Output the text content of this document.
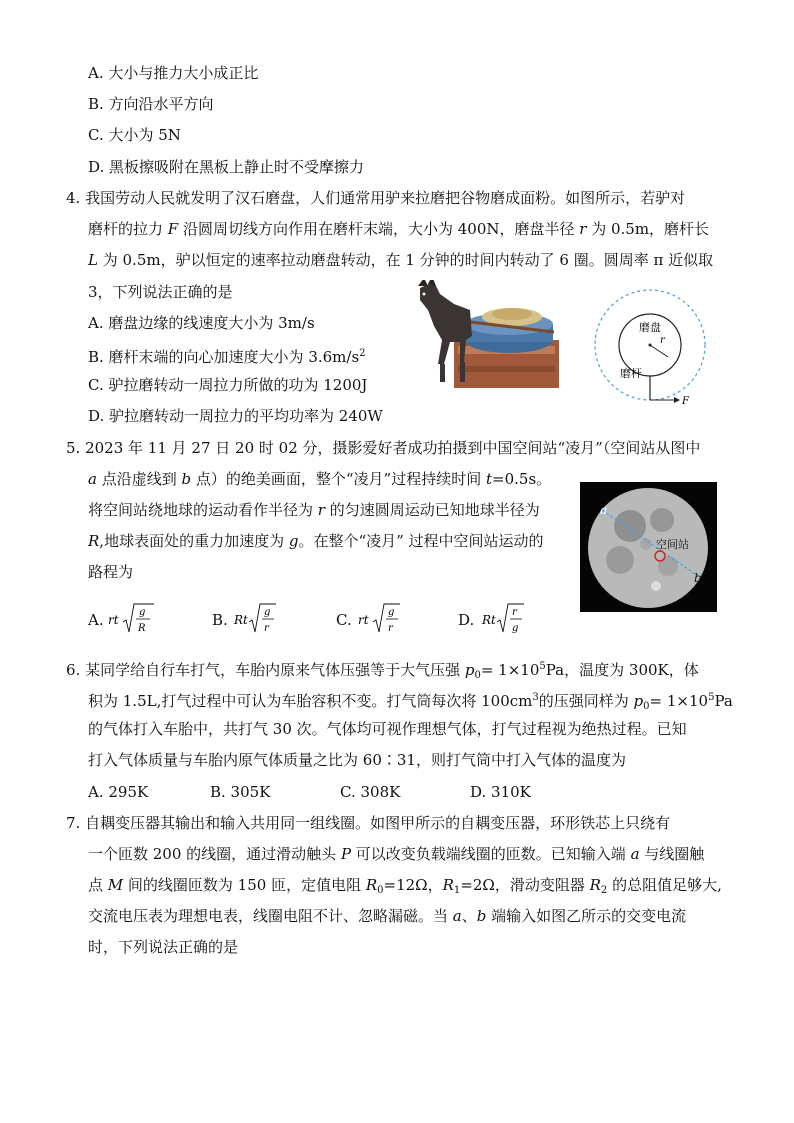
A. 大小与推力大小成正比
B. 方向沿水平方向
C. 大小为 5N
D. 黑板擦吸附在黑板上静止时不受摩擦力
4. 我国劳动人民就发明了汉石磨盘，人们通常用驴来拉磨把谷物磨成面粉。如图所示，若驴对
磨杆的拉力 F 沿圆周切线方向作用在磨杆末端，大小为 400N，磨盘半径 r 为 0.5m，磨杆长
L 为 0.5m，驴以恒定的速率拉动磨盘转动，在 1 分钟的时间内转动了 6 圈。圆周率 π 近似取
3，下列说法正确的是
A. 磨盘边缘的线速度大小为 3m/s
B. 磨杆末端的向心加速度大小为 $3.6m/s^2$
C. 驴拉磨转动一周拉力所做的功为 1200J
D. 驴拉磨转动一周拉力的平均功率为 240W
磨盘
r
磨杆
F
5. 2023 年 11 月 27 日 20 时 02 分，摄影爱好者成功拍摄到中国空间站“凌月”（空间站从图中
a 点沿虚线到 b 点）的绝美画面，整个“凌月”过程持续时间 t=0.5s。
将空间站绕地球的运动看作半径为 r 的匀速圆周运动已知地球半径为
R,地球表面处的重力加速度为 g。在整个“凌月” 过程中空间站运动的
路程为
空间站
a
b
A. rt
g
R	B. Rt
g
r	C. rt
g
r	D. Rt
r
g
6. 某同学给自行车打气，车胎内原来气体压强等于大气压强 $p_0= 1\times 10^5Pa$，温度为 300K，体
积为 1.5L,打气过程中可认为车胎容积不变。打气筒每次将 $100cm^3$的压强同样为 $p_0= 1\times 10^5Pa$
的气体打入车胎中，共打气 30 次。气体均可视作理想气体，打气过程视为绝热过程。已知
打入气体质量与车胎内原气体质量之比为 60∶31，则打气筒中打入气体的温度为
A. 295K	B. 305K	C. 308K	D. 310K
7. 自耦变压器其输出和输入共用同一组线圈。如图甲所示的自耦变压器，环形铁芯上只绕有
一个匝数 200 的线圈，通过滑动触头 P 可以改变负载端线圈的匝数。已知输入端 a 与线圈触
点 M 间的线圈匝数为 150 匝，定值电阻 $R_0=12\Omega$，$R_1=2\Omega$，滑动变阻器 $R_2$ 的总阻值足够大,
交流电压表为理想电表，线圈电阻不计、忽略漏磁。当 a、b 端输入如图乙所示的交变电流
时，下列说法正确的是
